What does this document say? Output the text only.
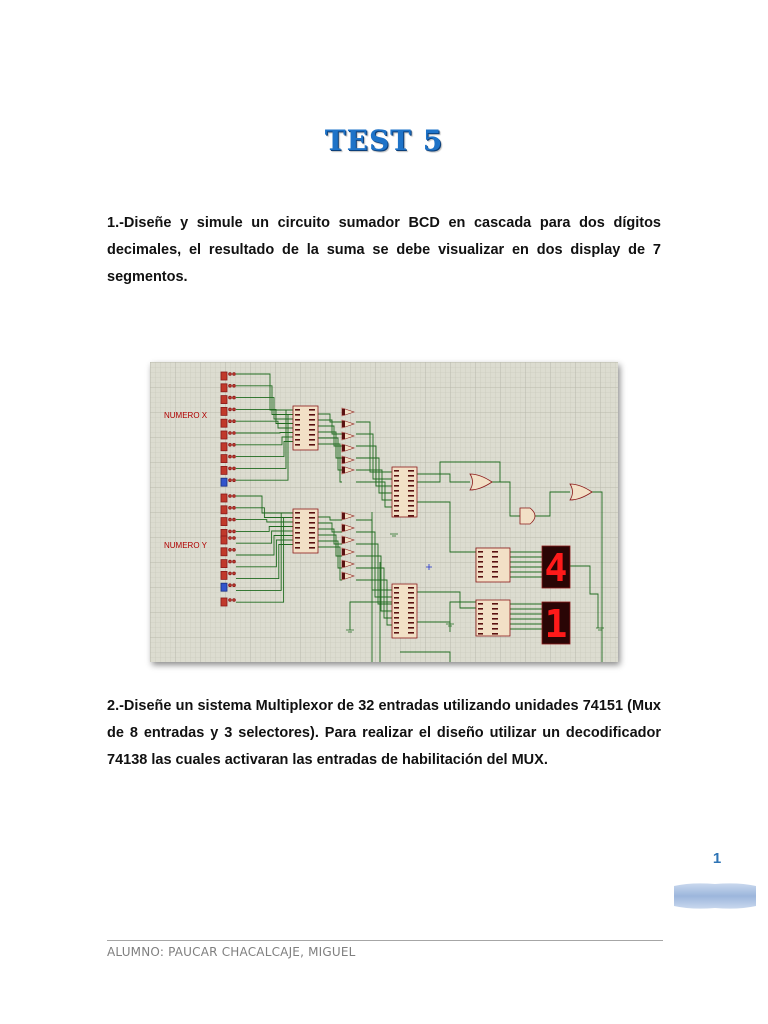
TEST 5
1.-Diseñe y simule un circuito sumador BCD en cascada para dos dígitos decimales, el resultado de la suma se debe visualizar en dos display de 7 segmentos.
NUMERO X
NUMERO Y
4
1
2.-Diseñe un sistema Multiplexor de 32 entradas utilizando unidades 74151 (Mux de 8 entradas y 3 selectores). Para realizar el diseño utilizar un decodificador 74138 las cuales activaran las entradas de habilitación del MUX.
1
ALUMNO: PAUCAR CHACALCAJE, MIGUEL
